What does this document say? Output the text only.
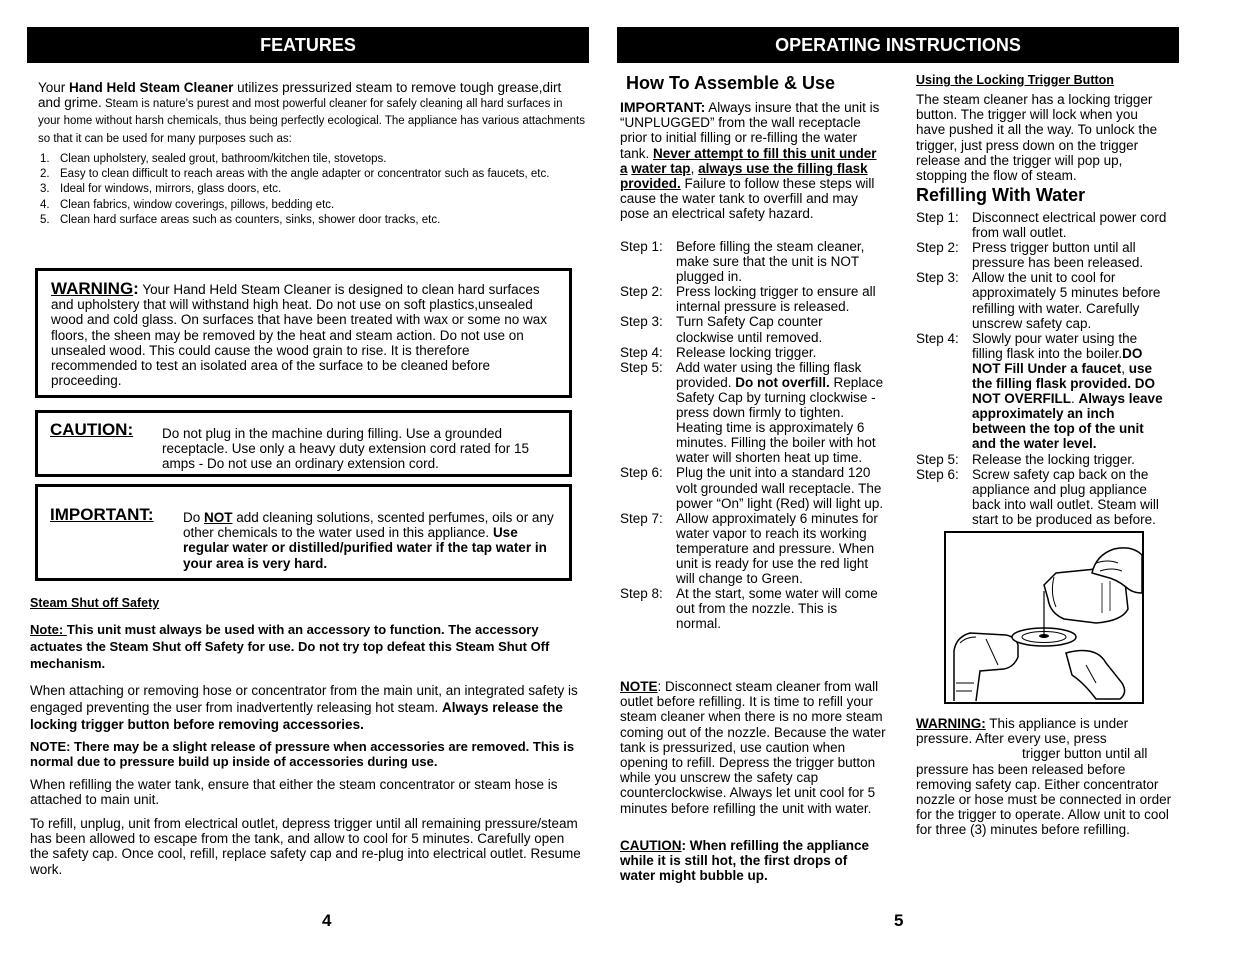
FEATURES

Your Hand Held Steam Cleaner utilizes pressurized steam to remove tough grease,dirt and grime. Steam is nature’s purest and most powerful cleaner for safely cleaning all hard surfaces in your home without harsh chemicals, thus being perfectly ecological. The appliance has various attachments so that it can be used for many purposes such as:

1. Clean upholstery, sealed grout, bathroom/kitchen tile, stovetops.
2. Easy to clean difficult to reach areas with the angle adapter or concentrator such as faucets, etc.
3. Ideal for windows, mirrors, glass doors, etc.
4. Clean fabrics, window coverings, pillows, bedding etc.
5. Clean hard surface areas such as counters, sinks, shower door tracks, etc.

WARNING: Your Hand Held Steam Cleaner is designed to clean hard surfaces and upholstery that will withstand high heat. Do not use on soft plastics,unsealed wood and cold glass. On surfaces that have been treated with wax or some no wax floors, the sheen may be removed by the heat and steam action. Do not use on unsealed wood. This could cause the wood grain to rise. It is therefore recommended to test an isolated area of the surface to be cleaned before proceeding.

CAUTION: Do not plug in the machine during filling. Use a grounded receptacle. Use only a heavy duty extension cord rated for 15 amps - Do not use an ordinary extension cord.
IMPORTANT: Do NOT add cleaning solutions, scented perfumes, oils or any other chemicals to the water used in this appliance. Use regular water or distilled/purified water if the tap water in your area is very hard.
Steam Shut off Safety

Note: This unit must always be used with an accessory to function. The accessory actuates the Steam Shut off Safety for use. Do not try top defeat this Steam Shut Off mechanism.

When attaching or removing hose or concentrator from the main unit, an integrated safety is engaged preventing the user from inadvertently releasing hot steam. Always release the locking trigger button before removing accessories.

NOTE: There may be a slight release of pressure when accessories are removed. This is normal due to pressure build up inside of accessories during use.
When refilling the water tank, ensure that either the steam concentrator or steam hose is attached to main unit.
To refill, unplug, unit from electrical outlet, depress trigger until all remaining pressure/steam has been allowed to escape from the tank, and allow to cool for 5 minutes. Carefully open the safety cap. Once cool, refill, replace safety cap and re-plug into electrical outlet. Resume work.
4
OPERATING INSTRUCTIONS
How To Assemble & Use

IMPORTANT: Always insure that the unit is “UNPLUGGED” from the wall receptacle prior to initial filling or re-filling the water tank. Never attempt to fill this unit under a water tap, always use the filling flask provided. Failure to follow these steps will cause the water tank to overfill and may pose an electrical safety hazard.

Step 1: Before filling the steam cleaner, make sure that the unit is NOT plugged in.
Step 2: Press locking trigger to ensure all internal pressure is released.
Step 3: Turn Safety Cap counter clockwise until removed.
Step 4: Release locking trigger.
Step 5: Add water using the filling flask provided. Do not overfill. Replace Safety Cap by turning clockwise - press down firmly to tighten. Heating time is approximately 6 minutes. Filling the boiler with hot water will shorten heat up time.
Step 6: Plug the unit into a standard 120 volt grounded wall receptacle. The power “On” light (Red) will light up.
Step 7: Allow approximately 6 minutes for water vapor to reach its working temperature and pressure. When unit is ready for use the red light will change to Green.
Step 8: At the start, some water will come out from the nozzle. This is normal.

NOTE: Disconnect steam cleaner from wall outlet before refilling. It is time to refill your steam cleaner when there is no more steam coming out of the nozzle. Because the water tank is pressurized, use caution when opening to refill. Depress the trigger button while you unscrew the safety cap counterclockwise. Always let unit cool for 5 minutes before refilling the unit with water.

CAUTION: When refilling the appliance while it is still hot, the first drops of water might bubble up.

Using the Locking Trigger Button
The steam cleaner has a locking trigger button. The trigger will lock when you have pushed it all the way. To unlock the trigger, just press down on the trigger release and the trigger will pop up, stopping the flow of steam.
Refilling With Water
Step 1: Disconnect electrical power cord from wall outlet.
Step 2: Press trigger button until all pressure has been released.
Step 3: Allow the unit to cool for approximately 5 minutes before refilling with water. Carefully unscrew safety cap.
Step 4: Slowly pour water using the filling flask into the boiler.DO NOT Fill Under a faucet, use the filling flask provided. DO NOT OVERFILL. Always leave approximately an inch between the top of the unit and the water level.
Step 5: Release the locking trigger.
Step 6: Screw safety cap back on the appliance and plug appliance back into wall outlet. Steam will start to be produced as before.

WARNING: This appliance is under pressure. After every use, press

trigger button until all

pressure has been released before removing safety cap. Either concentrator nozzle or hose must be connected in order for the trigger to operate. Allow unit to cool for three (3) minutes before refilling.

5
